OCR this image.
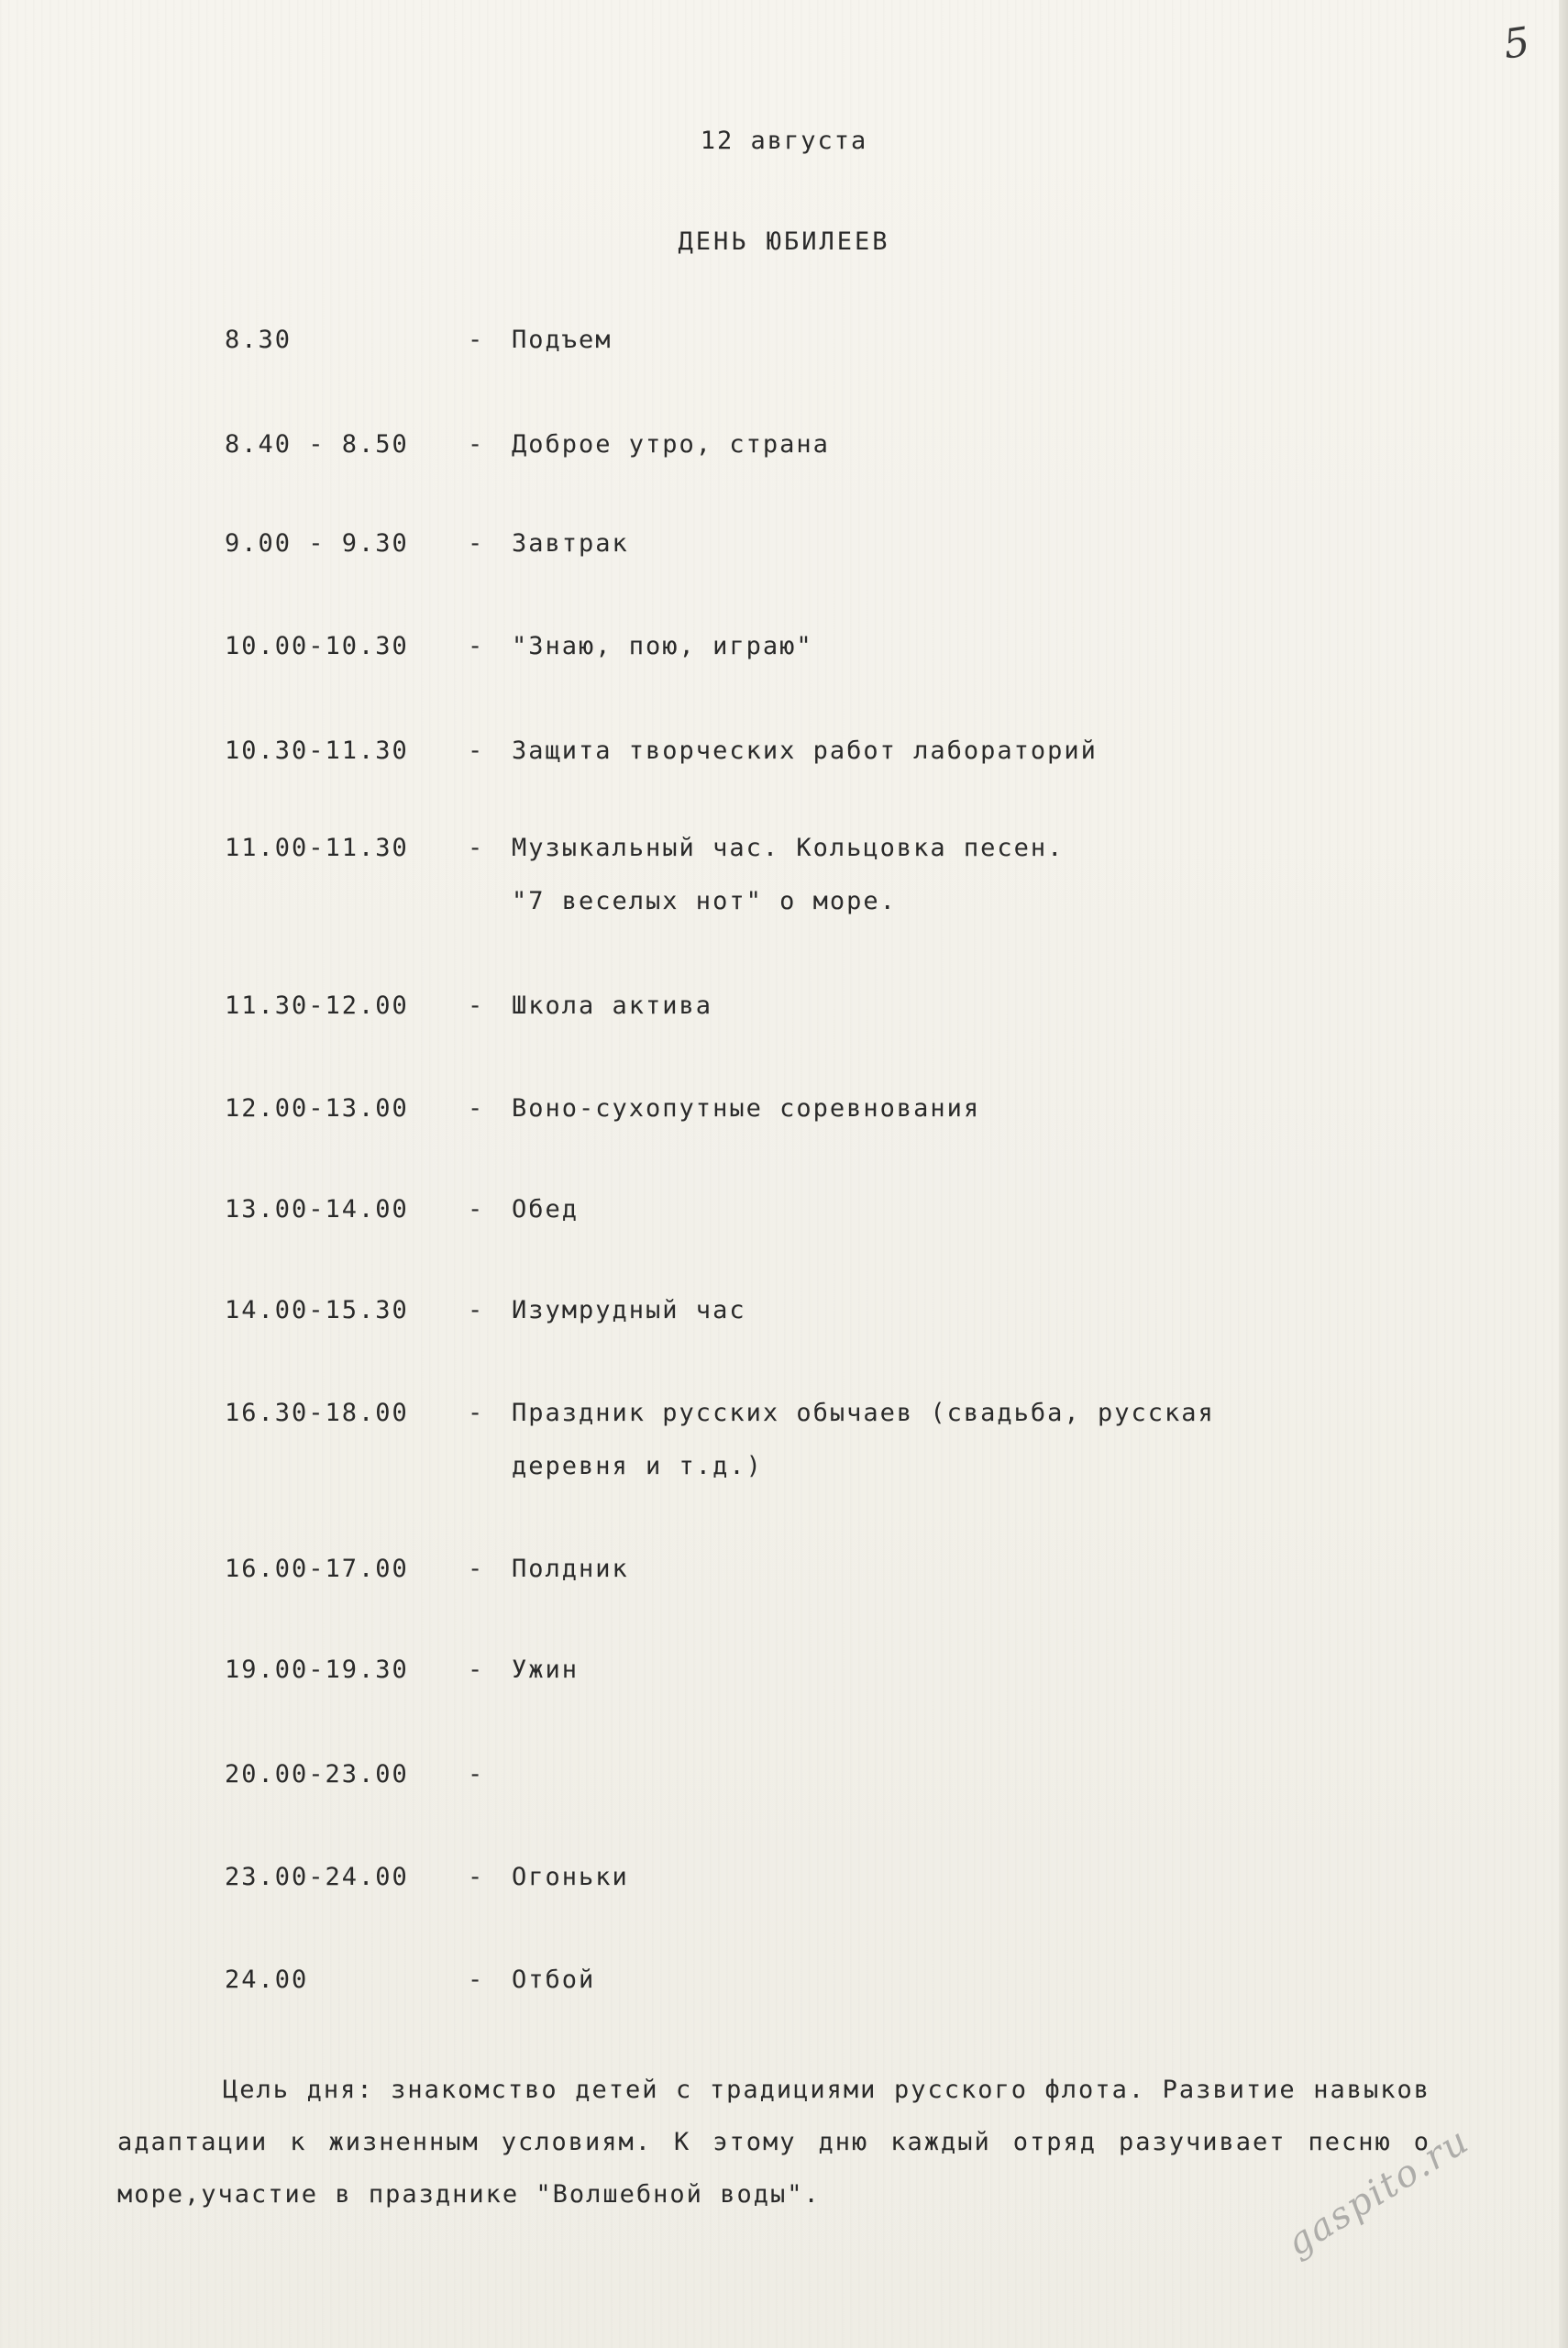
5
12 августа
ДЕНЬ ЮБИЛЕЕВ
8.30	- Подъем
8.40 - 8.50 - Доброе утро, страна
9.00 - 9.30 - Завтрак
10.00-10.30 - "Знаю, пою, играю"
10.30-11.30 - Защита творческих работ лабораторий
11.00-11.30 - Музыкальный час. Кольцовка песен.
"7 веселых нот" о море.
11.30-12.00 - Школа актива
12.00-13.00 - Воно-сухопутные соревнования
13.00-14.00 - Обед
14.00-15.30 - Изумрудный час
16.30-18.00 - Праздник русских обычаев (свадьба, русская
деревня и т.д.)
16.00-17.00 - Полдник
19.00-19.30 - Ужин
20.00-23.00 -
23.00-24.00 - Огоньки
24.00	- Отбой
Цель дня: знакомство детей с традициями русского флота. Развитие навыков адаптации к жизненным условиям. К этому дню каждый отряд разучивает песню о море,участие в празднике "Волшебной воды".	gaspito.ru
